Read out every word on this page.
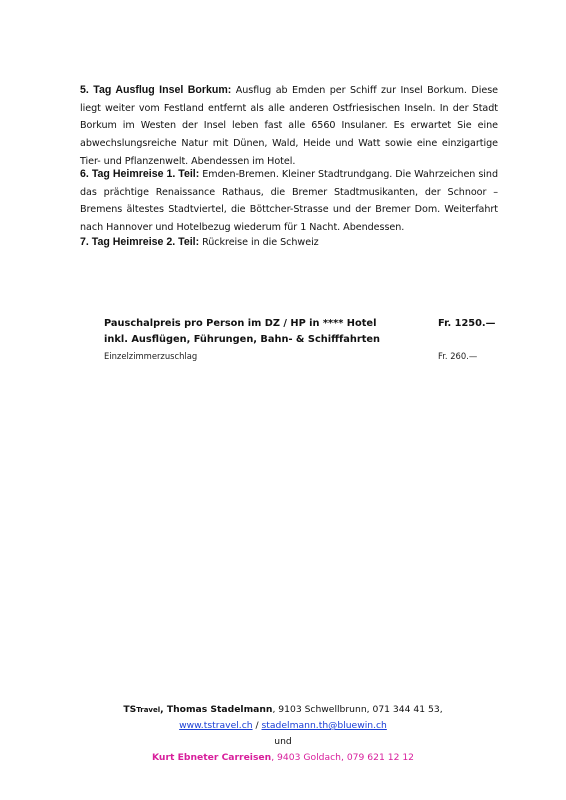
5. Tag Ausflug Insel Borkum: Ausflug ab Emden per Schiff zur Insel Borkum. Diese liegt weiter vom Festland entfernt als alle anderen Ostfriesischen Inseln. In der Stadt Borkum im Westen der Insel leben fast alle 6560 Insulaner. Es erwartet Sie eine abwechslungsreiche Natur mit Dünen, Wald, Heide und Watt sowie eine einzigartige Tier- und Pflanzenwelt. Abendessen im Hotel.
6. Tag Heimreise 1. Teil: Emden-Bremen. Kleiner Stadtrundgang. Die Wahrzeichen sind das prächtige Renaissance Rathaus, die Bremer Stadtmusikanten, der Schnoor – Bremens ältestes Stadtviertel, die Böttcher-Strasse und der Bremer Dom. Weiterfahrt nach Hannover und Hotelbezug wiederum für 1 Nacht. Abendessen.
7. Tag Heimreise 2. Teil: Rückreise in die Schweiz
Pauschalpreis pro Person im DZ / HP in **** Hotel	Fr. 1250.—
inkl. Ausflügen, Führungen, Bahn- & Schifffahrten
Einzelzimmerzuschlag	Fr. 260.—
TSTravel, Thomas Stadelmann, 9103 Schwellbrunn, 071 344 41 53,
www.tstravel.ch / stadelmann.th@bluewin.ch
und
Kurt Ebneter Carreisen, 9403 Goldach, 079 621 12 12
